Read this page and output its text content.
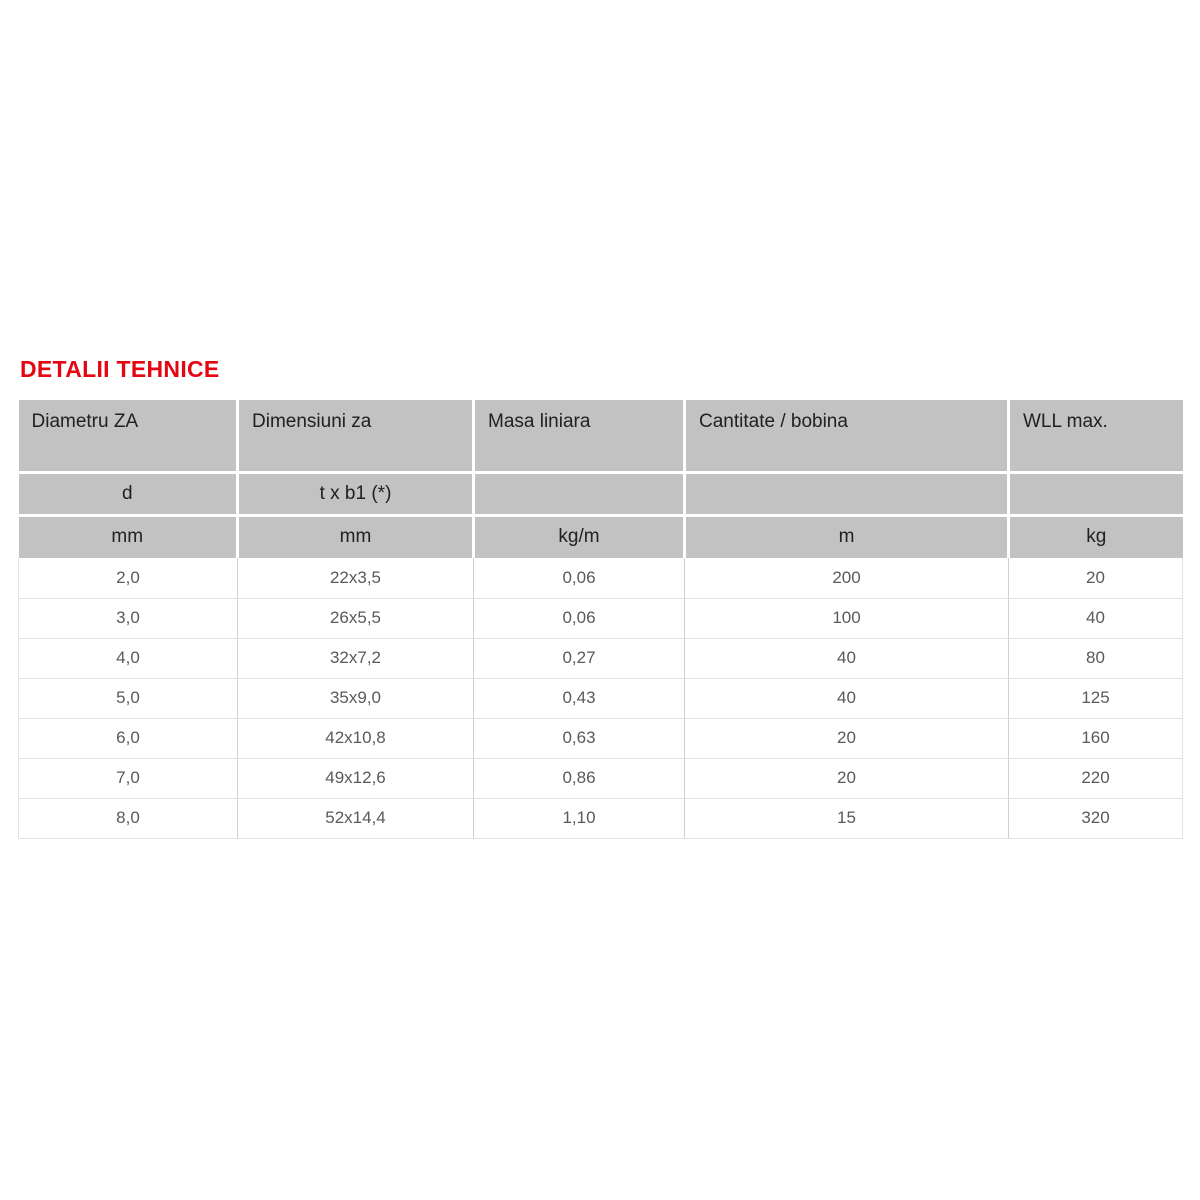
DETALII TEHNICE
Diametru ZA	Dimensiuni za	Masa liniara	Cantitate / bobina	WLL max.
d	t x b1 (*)			
mm	mm	kg/m	m	kg
2,0	22x3,5	0,06	200	20
3,0	26x5,5	0,06	100	40
4,0	32x7,2	0,27	40	80
5,0	35x9,0	0,43	40	125
6,0	42x10,8	0,63	20	160
7,0	49x12,6	0,86	20	220
8,0	52x14,4	1,10	15	320
